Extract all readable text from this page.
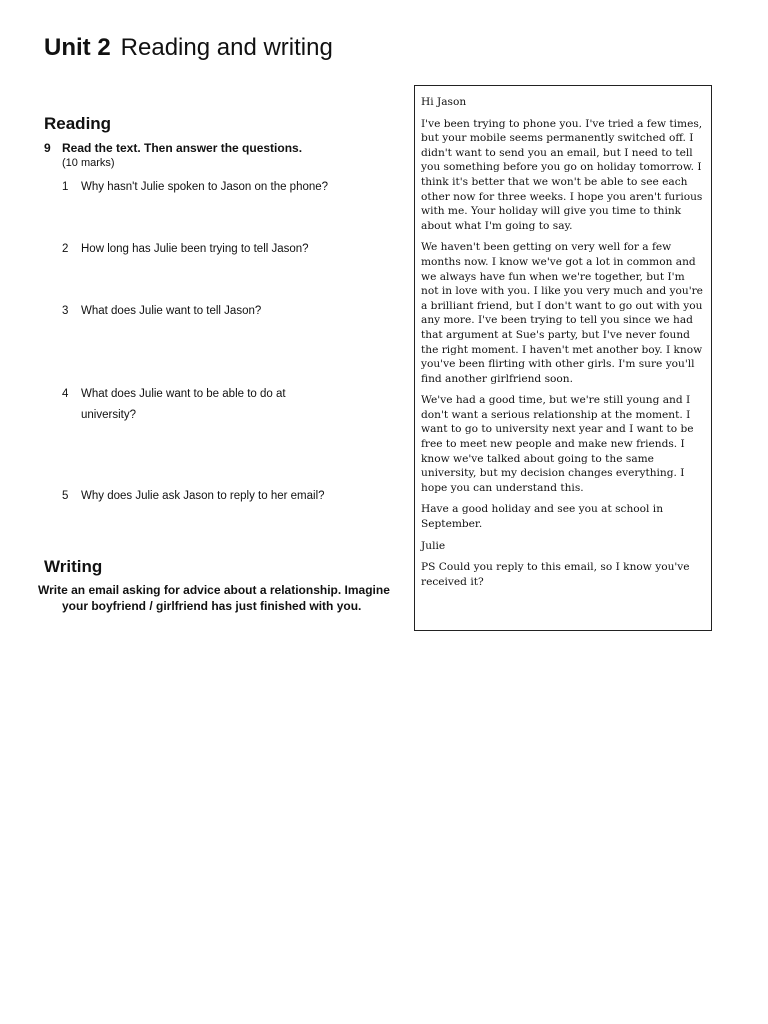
Unit 2 Reading and writing
Reading
9 Read the text. Then answer the questions.
(10 marks)
1 Why hasn't Julie spoken to Jason on the phone?
2 How long has Julie been trying to tell Jason?
3 What does Julie want to tell Jason?
4 What does Julie want to be able to do at university?
5 Why does Julie ask Jason to reply to her email?
Writing
Write an email asking for advice about a relationship. Imagine your boyfriend / girlfriend has just finished with you.

Hi Jason

I've been trying to phone you. I've tried a few times, but your mobile seems permanently switched off. I didn't want to send you an email, but I need to tell you something before you go on holiday tomorrow. I think it's better that we won't be able to see each other now for three weeks. I hope you aren't furious with me. Your holiday will give you time to think about what I'm going to say.

We haven't been getting on very well for a few months now. I know we've got a lot in common and we always have fun when we're together, but I'm not in love with you. I like you very much and you're a brilliant friend, but I don't want to go out with you any more. I've been trying to tell you since we had that argument at Sue's party, but I've never found the right moment. I haven't met another boy. I know you've been flirting with other girls. I'm sure you'll find another girlfriend soon.

We've had a good time, but we're still young and I don't want a serious relationship at the moment. I want to go to university next year and I want to be free to meet new people and make new friends. I know we've talked about going to the same university, but my decision changes everything. I hope you can understand this.

Have a good holiday and see you at school in September.

Julie

PS Could you reply to this email, so I know you've received it?
